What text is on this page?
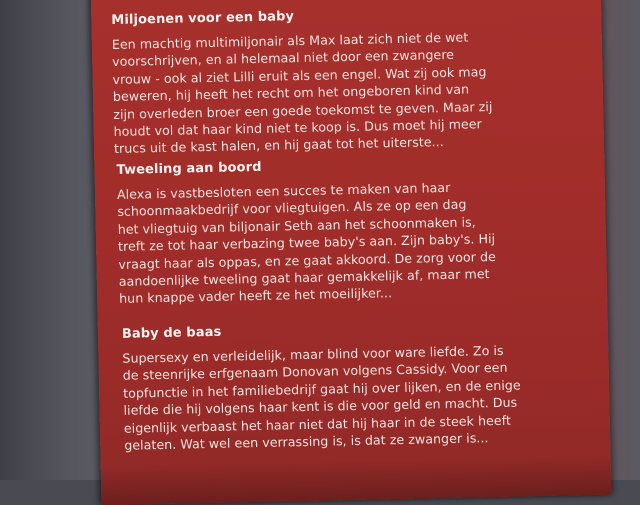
Miljoenen voor een baby

Een machtig multimiljonair als Max laat zich niet de wet
voorschrijven, en al helemaal niet door een zwangere
vrouw - ook al ziet Lilli eruit als een engel. Wat zij ook mag
beweren, hij heeft het recht om het ongeboren kind van
zijn overleden broer een goede toekomst te geven. Maar zij
houdt vol dat haar kind niet te koop is. Dus moet hij meer
trucs uit de kast halen, en hij gaat tot het uiterste...

Tweeling aan boord

Alexa is vastbesloten een succes te maken van haar
schoonmaakbedrijf voor vliegtuigen. Als ze op een dag
het vliegtuig van biljonair Seth aan het schoonmaken is,
treft ze tot haar verbazing twee baby's aan. Zijn baby's. Hij
vraagt haar als oppas, en ze gaat akkoord. De zorg voor de
aandoenlijke tweeling gaat haar gemakkelijk af, maar met
hun knappe vader heeft ze het moeilijker...

Baby de baas

Supersexy en verleidelijk, maar blind voor ware liefde. Zo is
de steenrijke erfgenaam Donovan volgens Cassidy. Voor een
topfunctie in het familiebedrijf gaat hij over lijken, en de enige
liefde die hij volgens haar kent is die voor geld en macht. Dus
eigenlijk verbaast het haar niet dat hij haar in de steek heeft
gelaten. Wat wel een verrassing is, is dat ze zwanger is...
